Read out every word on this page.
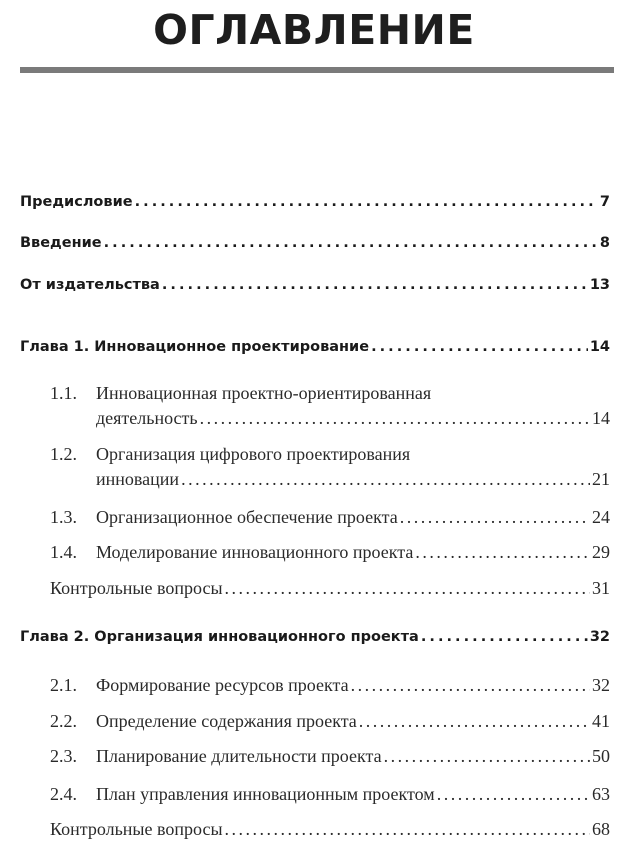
ОГЛАВЛЕНИЕ
Предисловие . . .	7
Введение . . .	8
От издательства . . .	13
Глава 1. Инновационное проектирование . . .	14
1.1. Инновационная проектно-ориентированная
деятельность . . .	14
1.2. Организация цифрового проектирования
инновации . . .	21
1.3. Организационное обеспечение проекта . . .	24
1.4. Моделирование инновационного проекта . . .	29
Контрольные вопросы . . .	31
Глава 2. Организация инновационного проекта . . .	32
2.1. Формирование ресурсов проекта . . .	32
2.2. Определение содержания проекта . . .	41
2.3. Планирование длительности проекта . . .	50
2.4. План управления инновационным проектом . . .	63
Контрольные вопросы . . .	68
